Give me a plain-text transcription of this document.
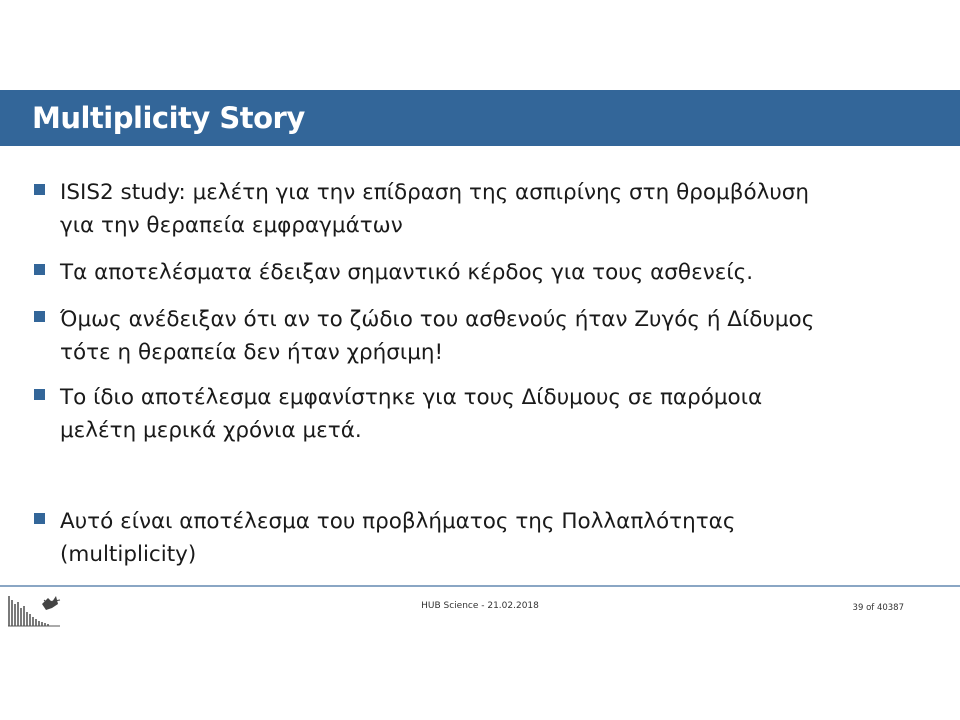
Multiplicity Story

ISIS2 study: μελέτη για την επίδραση της ασπιρίνης στη θρομβόλυση
για την θεραπεία εμφραγμάτων

Τα αποτελέσματα έδειξαν σημαντικό κέρδος για τους ασθενείς.

Όμως ανέδειξαν ότι αν το ζώδιο του ασθενούς ήταν Ζυγός ή Δίδυμος
τότε η θεραπεία δεν ήταν χρήσιμη!

Το ίδιο αποτέλεσμα εμφανίστηκε για τους Δίδυμους σε παρόμοια
μελέτη μερικά χρόνια μετά.

Αυτό είναι αποτέλεσμα του προβλήματος της Πολλαπλότητας
(multiplicity)

HUB Science - 21.02.2018	39 of 40387
